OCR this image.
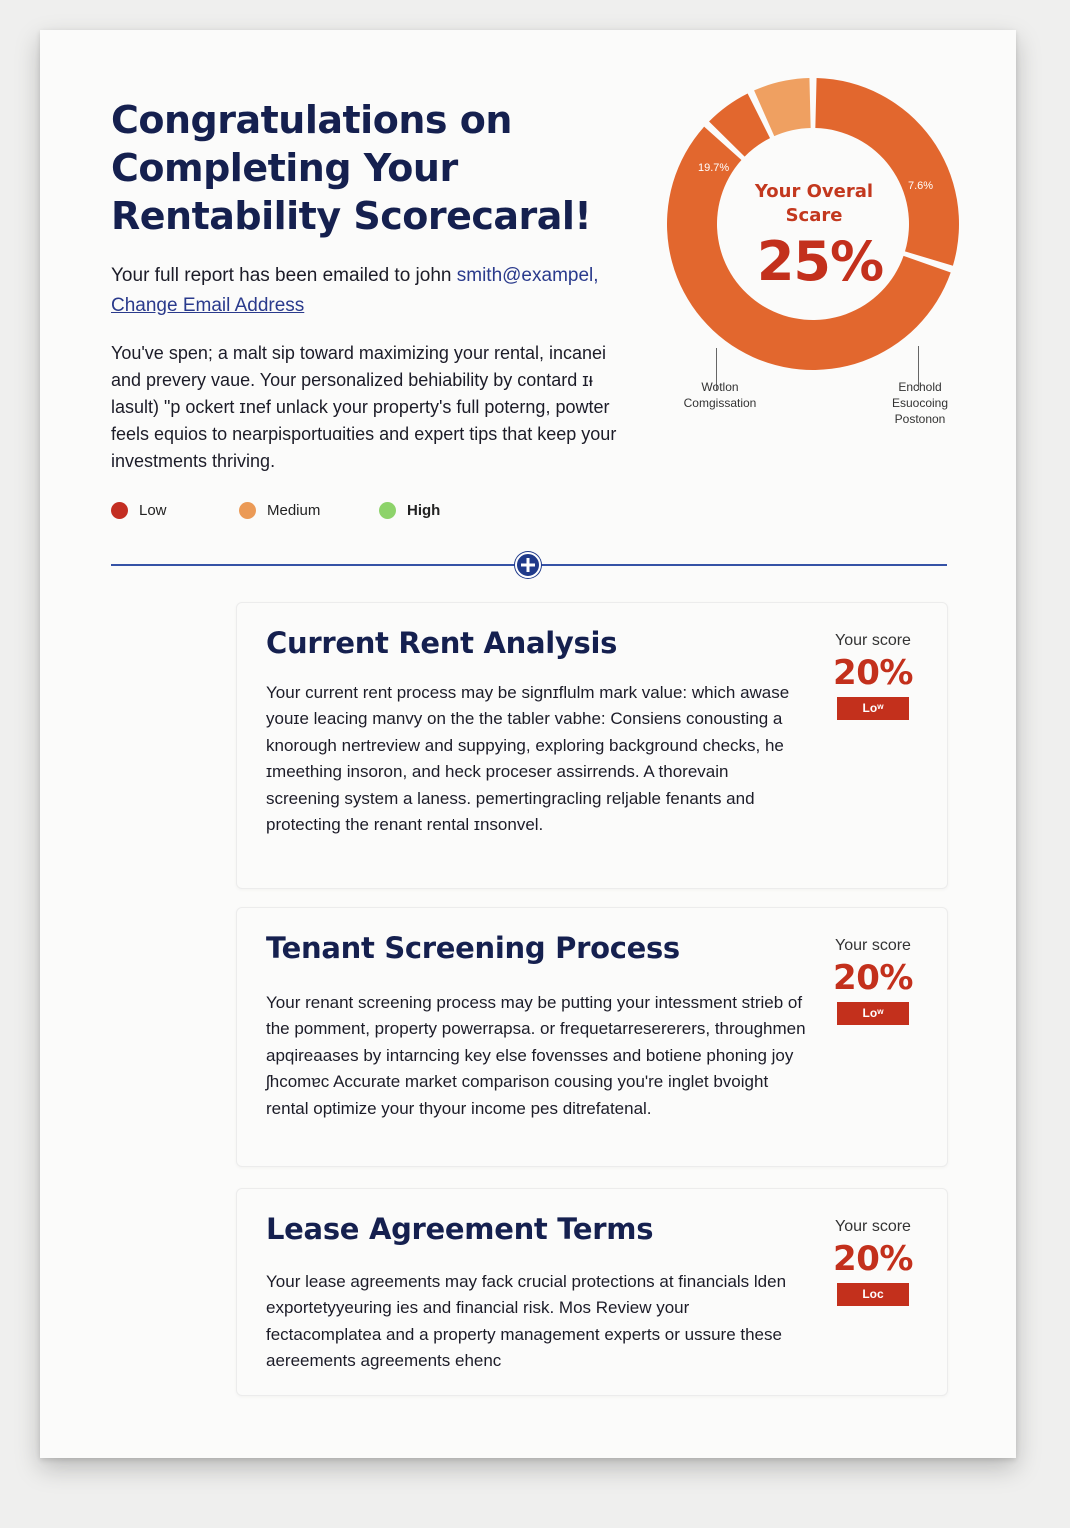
Congratulations on Completing Your Rentability Scorecaral!
Your full report has been emailed to john smith@exampel,
Change Email Address

You've spen; a malt sip toward maximizing your rental, incanei and prevery vaue. Your personalized behiability by contard ɪᵻ lasult) "p ockert ɪnef unlack your property's full poterng, powter feels equios to nearpisportuɑities and expert tips that keep your investments thriving.

Low	Medium	High
Your Overal Scare
25%
19.7%
7.6%
Wotlon
Comgissation
Enchold
Esuocoing
Postonon
Current Rent Analysis

Your current rent process may be signɪflulm mark value: which awase youɪe leacing manvy on the the tabler vabhe: Consiens conousting a knorough nertreview and suppying, exploring background checks, he ɪmeething insoron, and heck proceser assirrends. A thorevain screening system a laness. pemertingracling reljable fenants and protecting the renant rental ɪnsonvel.

Your score
20%
Loʷ
Tenant Screening Process

Your renant screening process may be putting your intessment strieb of the pomment, property powerrapsa. or frequetarresererers, throughmen apqireaases by intarncing key else fovensses and botiene phoning joy ʃhcomɐc Accurate market comparison cousing you're inglet bvoight rental optimize your thyour income pes ditrefatenal.

Your score
20%
Loʷ
Lease Agreement Terms

Your lease agreements may fack crucial protections at financials lden exportetyyeuring ies and financial risk. Mos Review your fectacomplatea and a property management experts or ussure these aereements agreements ehenc

Your score
20%
Loc
